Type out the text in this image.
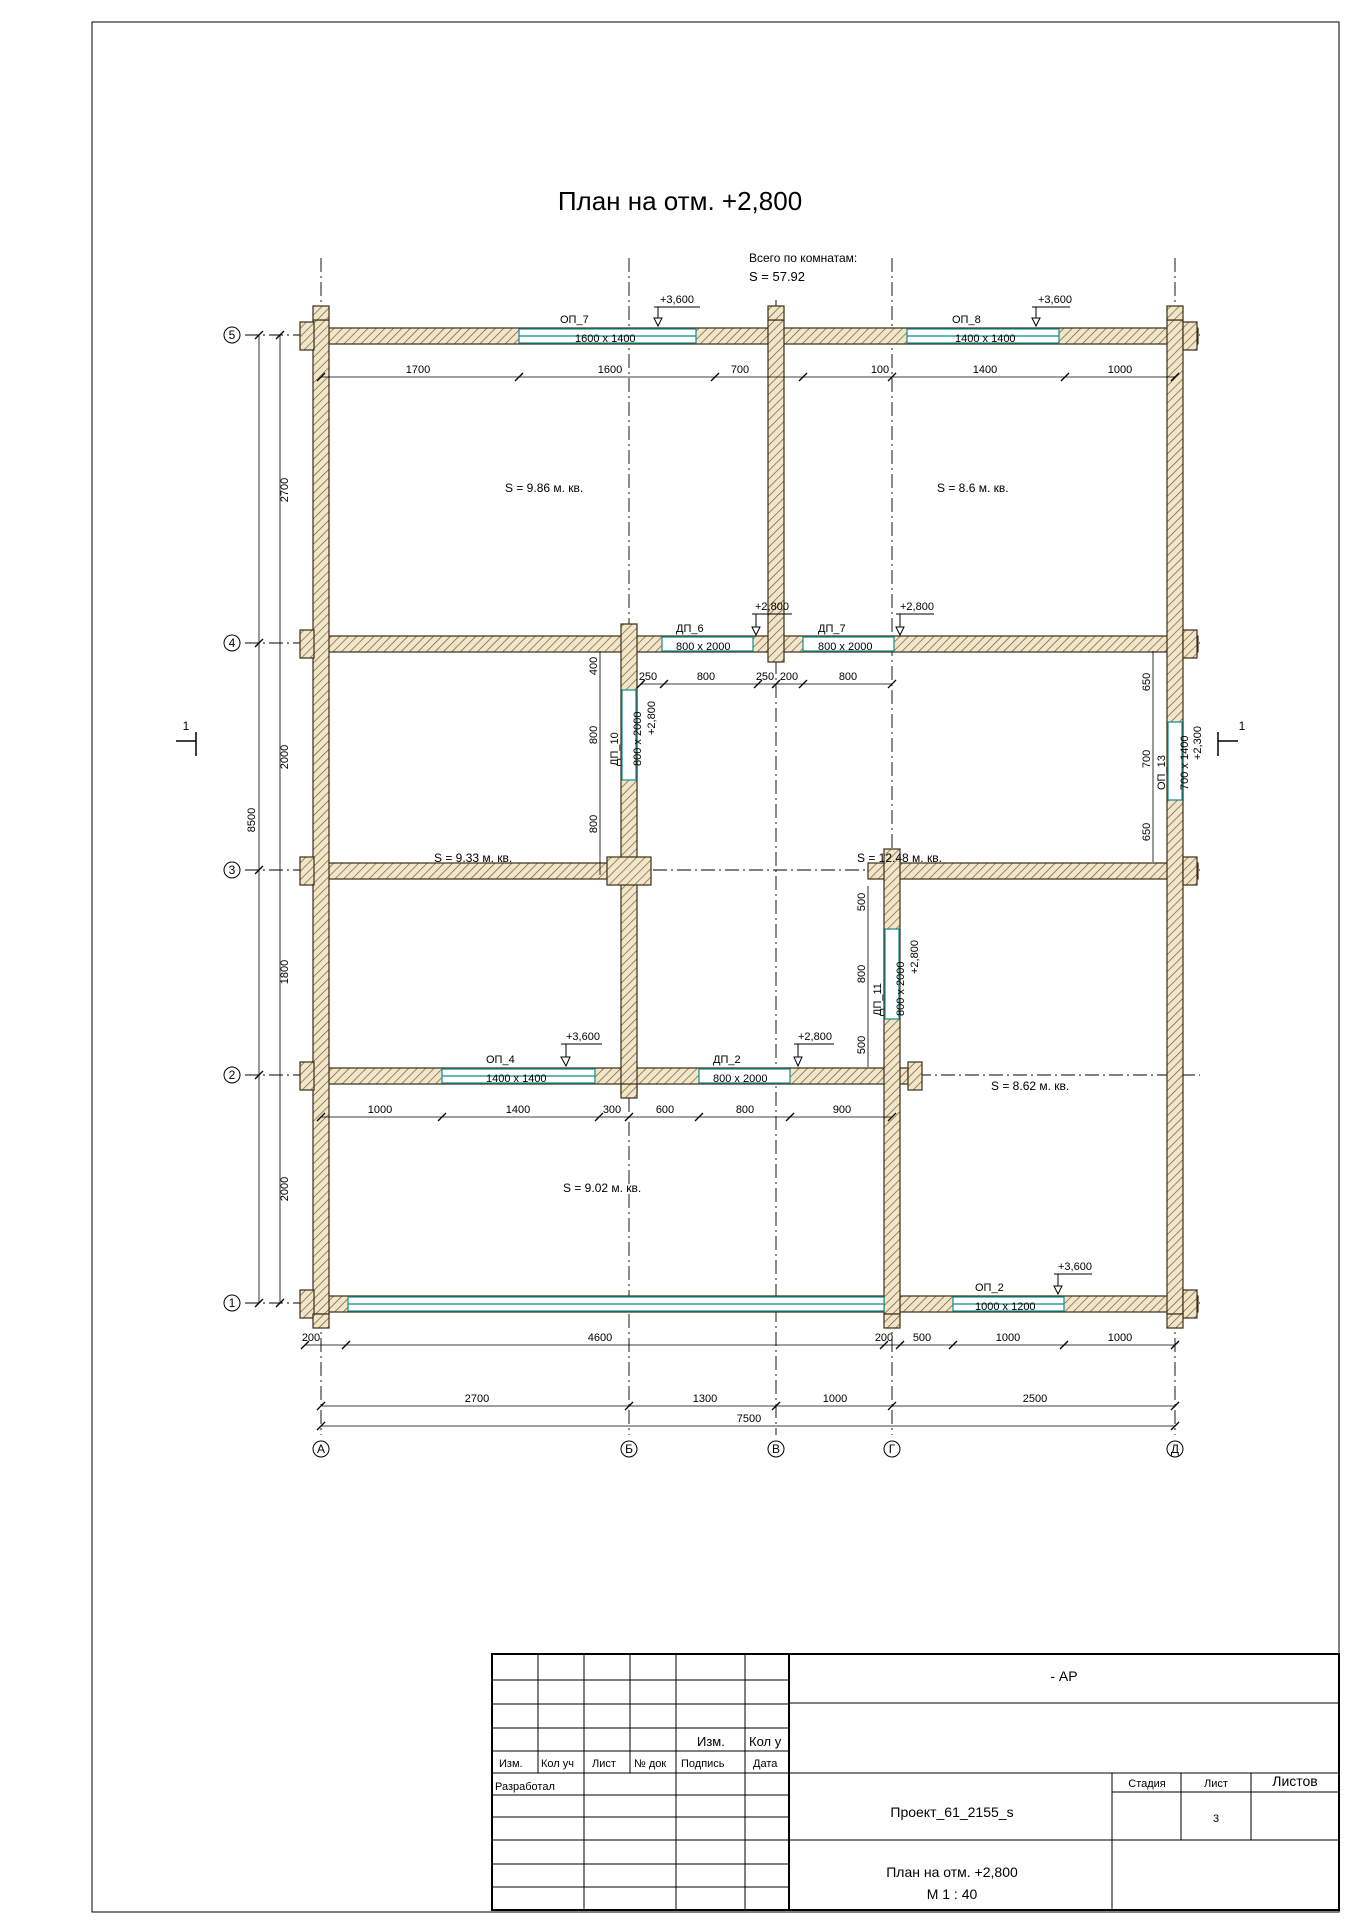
План на отм. +2,800
Всего по комнатам:
S = 57.92
ОП_7
1600 x 1400
+3,600
ОП_8
1400 x 1400
+3,600
ДП_6
800 x 2000
+2,800
ДП_7
800 x 2000
+2,800
ДП_10 800 x 2000 +2,800
ОП_13 700 x 1400 +2,300
ДП_11 800 x 2000
+2,800
ОП_4
1400 x 1400
+3,600
ДП_2
800 x 2000
+2,800
ОП_2
1000 x 1200
+3,600
S = 9.86 м. кв.	S = 8.6 м. кв.
S = 9.33 м. кв.	S = 12.48 м. кв.
S = 8.62 м. кв.
S = 9.02 м. кв.
1700	1600	700	100	1400	1000
250	800	250 200	800
1000	1400	300	600	800	900
200	4600	200 500	1000	1000
2700	1300	1000	2500
7500
2700
2000
1800
2000
8500
400
800
800
650
700
650
500
800
500
А	Б	В	Г	Д
1
2
3
4
5
1	1
- АР
Изм. Кол у
Изм. Кол уч Лист № док Подпись	Дата
Разработал
Проект_61_2155_s
Стадия	Лист	Листов
3
План на отм. +2,800
М 1 : 40
